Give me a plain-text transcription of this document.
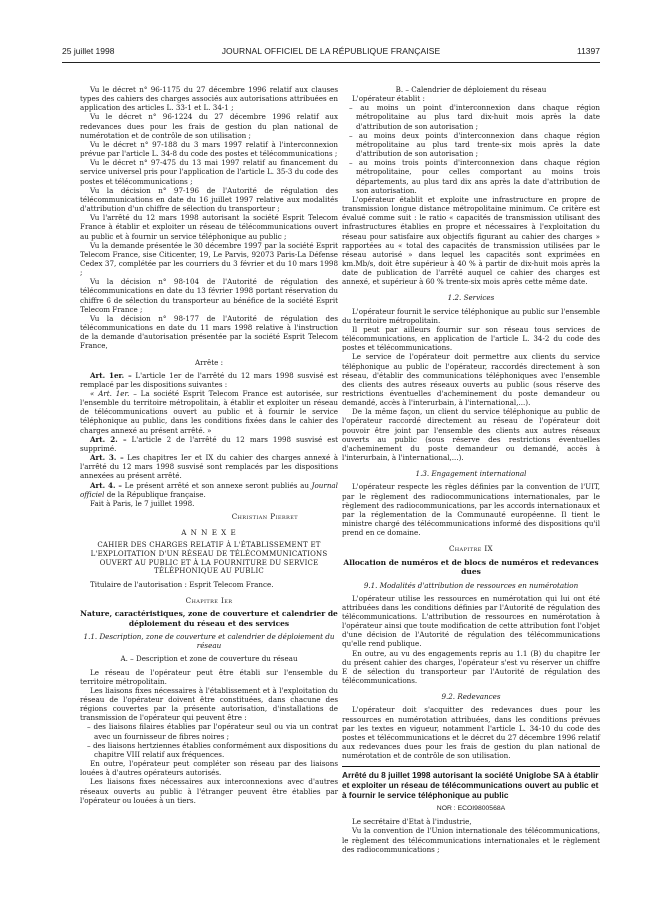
25 juillet 1998	JOURNAL OFFICIEL DE LA RÉPUBLIQUE FRANÇAISE	11397

Vu le décret n° 96-1175 du 27 décembre 1996 relatif aux clauses types des cahiers des charges associés aux autorisations attribuées en application des articles L. 33-1 et L. 34-1 ;

Vu le décret n° 96-1224 du 27 décembre 1996 relatif aux redevances dues pour les frais de gestion du plan national de numérotation et de contrôle de son utilisation ;

Vu le décret n° 97-188 du 3 mars 1997 relatif à l'interconnexion prévue par l'article L. 34-8 du code des postes et télécommunications ;

Vu le décret n° 97-475 du 13 mai 1997 relatif au financement du service universel pris pour l'application de l'article L. 35-3 du code des postes et télécommunications ;

Vu la décision n° 97-196 de l'Autorité de régulation des télécommunications en date du 16 juillet 1997 relative aux modalités d'attribution d'un chiffre de sélection du transporteur ;

Vu l'arrêté du 12 mars 1998 autorisant la société Esprit Telecom France à établir et exploiter un réseau de télécommunications ouvert au public et à fournir un service téléphonique au public ;

Vu la demande présentée le 30 décembre 1997 par la société Esprit Telecom France, sise Citicenter, 19, Le Parvis, 92073 Paris-La Défense Cedex 37, complétée par les courriers du 3 février et du 10 mars 1998 ;

Vu la décision n° 98-104 de l'Autorité de régulation des télécommunications en date du 13 février 1998 portant réservation du chiffre 6 de sélection du transporteur au bénéfice de la société Esprit Telecom France ;

Vu la décision n° 98-177 de l'Autorité de régulation des télécommunications en date du 11 mars 1998 relative à l'instruction de la demande d'autorisation présentée par la société Esprit Telecom France,

Arrête :

Art. 1er. – L'article 1er de l'arrêté du 12 mars 1998 susvisé est remplacé par les dispositions suivantes :

« Art. 1er. – La société Esprit Telecom France est autorisée, sur l'ensemble du territoire métropolitain, à établir et exploiter un réseau de télécommunications ouvert au public et à fournir le service téléphonique au public, dans les conditions fixées dans le cahier des charges annexé au présent arrêté. »

Art. 2. – L'article 2 de l'arrêté du 12 mars 1998 susvisé est supprimé.

Art. 3. – Les chapitres Ier et IX du cahier des charges annexé à l'arrêté du 12 mars 1998 susvisé sont remplacés par les dispositions annexées au présent arrêté.

Art. 4. – Le présent arrêté et son annexe seront publiés au Journal officiel de la République française.

Fait à Paris, le 7 juillet 1998.

Christian Pierret

A N N E X E

CAHIER DES CHARGES RELATIF À L'ÉTABLISSEMENT ET L'EXPLOITATION D'UN RÉSEAU DE TÉLÉCOMMUNICATIONS OUVERT AU PUBLIC ET À LA FOURNITURE DU SERVICE TÉLÉPHONIQUE AU PUBLIC

Titulaire de l'autorisation : Esprit Telecom France.

Chapitre Ier

Nature, caractéristiques, zone de couverture et calendrier de déploiement du réseau et des services

1.1. Description, zone de couverture et calendrier de déploiement du réseau

A. – Description et zone de couverture du réseau

Le réseau de l'opérateur peut être établi sur l'ensemble du territoire métropolitain.

Les liaisons fixes nécessaires à l'établissement et à l'exploitation du réseau de l'opérateur doivent être constituées, dans chacune des régions couvertes par la présente autorisation, d'installations de transmission de l'opérateur qui peuvent être :

– des liaisons filaires établies par l'opérateur seul ou via un contrat avec un fournisseur de fibres noires ;

– des liaisons hertziennes établies conformément aux dispositions du chapitre VIII relatif aux fréquences.

En outre, l'opérateur peut compléter son réseau par des liaisons louées à d'autres opérateurs autorisés.

Les liaisons fixes nécessaires aux interconnexions avec d'autres réseaux ouverts au public à l'étranger peuvent être établies par l'opérateur ou louées à un tiers.

B. – Calendrier de déploiement du réseau

L'opérateur établit :

– au moins un point d'interconnexion dans chaque région métropolitaine au plus tard dix-huit mois après la date d'attribution de son autorisation ;

– au moins deux points d'interconnexion dans chaque région métropolitaine au plus tard trente-six mois après la date d'attribution de son autorisation ;

– au moins trois points d'interconnexion dans chaque région métropolitaine, pour celles comportant au moins trois départements, au plus tard dix ans après la date d'attribution de son autorisation.

L'opérateur établit et exploite une infrastructure en propre de transmission longue distance métropolitaine minimum. Ce critère est évalué comme suit : le ratio « capacités de transmission utilisant des infrastructures établies en propre et nécessaires à l'exploitation du réseau pour satisfaire aux objectifs figurant au cahier des charges » rapportées au « total des capacités de transmission utilisées par le réseau autorisé » dans lequel les capacités sont exprimées en km.Mb/s, doit être supérieur à 40 % à partir de dix-huit mois après la date de publication de l'arrêté auquel ce cahier des charges est annexé, et supérieur à 60 % trente-six mois après cette même date.

1.2. Services

L'opérateur fournit le service téléphonique au public sur l'ensemble du territoire métropolitain.

Il peut par ailleurs fournir sur son réseau tous services de télécommunications, en application de l'article L. 34-2 du code des postes et télécommunications.

Le service de l'opérateur doit permettre aux clients du service téléphonique au public de l'opérateur, raccordés directement à son réseau, d'établir des communications téléphoniques avec l'ensemble des clients des autres réseaux ouverts au public (sous réserve des restrictions éventuelles d'acheminement du poste demandeur ou demandé, accès à l'interurbain, à l'international,...).

De la même façon, un client du service téléphonique au public de l'opérateur raccordé directement au réseau de l'opérateur doit pouvoir être joint par l'ensemble des clients aux autres réseaux ouverts au public (sous réserve des restrictions éventuelles d'acheminement du poste demandeur ou demandé, accès à l'interurbain, à l'international,...).

1.3. Engagement international

L'opérateur respecte les règles définies par la convention de l'UIT, par le règlement des radiocommunications internationales, par le règlement des radiocommunications, par les accords internationaux et par la réglementation de la Communauté européenne. Il tient le ministre chargé des télécommunications informé des dispositions qu'il prend en ce domaine.

Chapitre IX

Allocation de numéros et de blocs de numéros et redevances dues

9.1. Modalités d'attribution de ressources en numérotation

L'opérateur utilise les ressources en numérotation qui lui ont été attribuées dans les conditions définies par l'Autorité de régulation des télécommunications. L'attribution de ressources en numérotation à l'opérateur ainsi que toute modification de cette attribution font l'objet d'une décision de l'Autorité de régulation des télécommunications qu'elle rend publique.

En outre, au vu des engagements repris au 1.1 (B) du chapitre Ier du présent cahier des charges, l'opérateur s'est vu réserver un chiffre E de sélection du transporteur par l'Autorité de régulation des télécommunications.

9.2. Redevances

L'opérateur doit s'acquitter des redevances dues pour les ressources en numérotation attribuées, dans les conditions prévues par les textes en vigueur, notamment l'article L. 34-10 du code des postes et télécommunications et le décret du 27 décembre 1996 relatif aux redevances dues pour les frais de gestion du plan national de numérotation et de contrôle de son utilisation.

Arrêté du 8 juillet 1998 autorisant la société Uniglobe SA à établir et exploiter un réseau de télécommunications ouvert au public et à fournir le service téléphonique au public

NOR : ECOI9800568A

Le secrétaire d'Etat à l'industrie,

Vu la convention de l'Union internationale des télécommunications, le règlement des télécommunications internationales et le règlement des radiocommunications ;
